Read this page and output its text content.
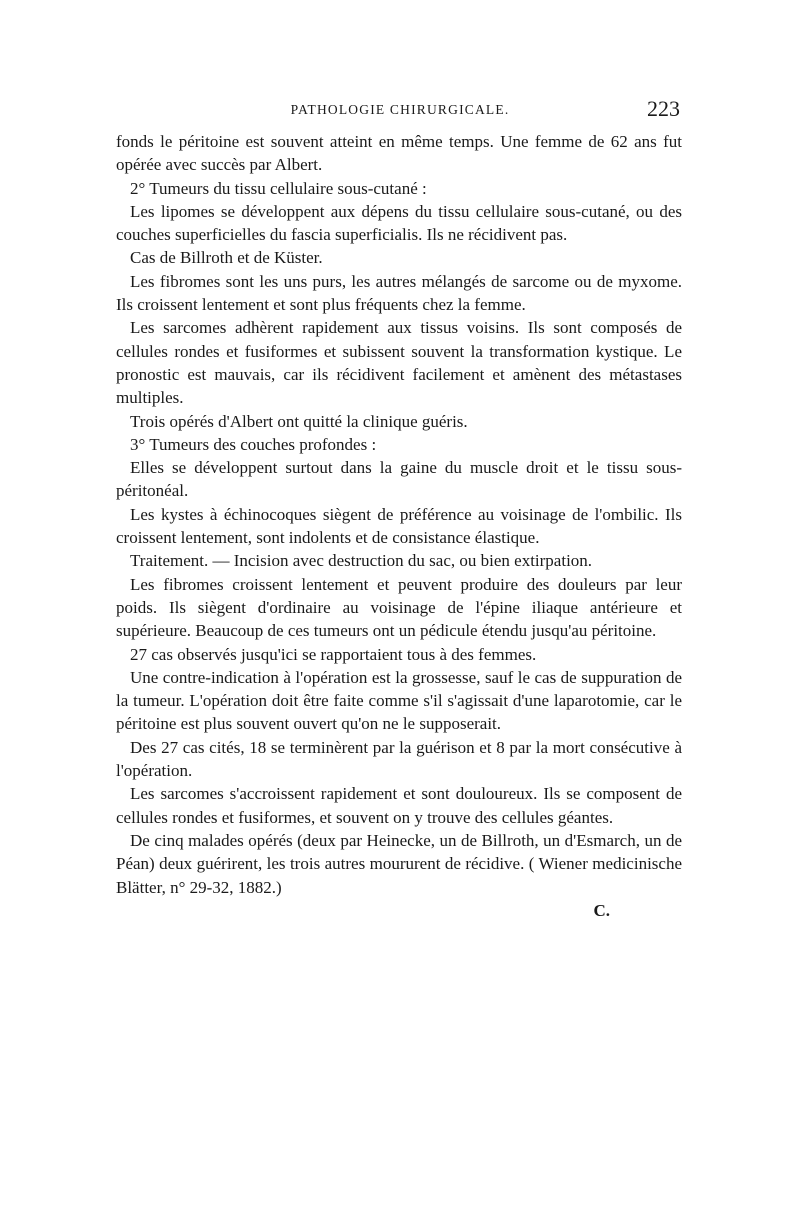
PATHOLOGIE CHIRURGICALE.	223

fonds le péritoine est souvent atteint en même temps. Une femme de 62 ans fut opérée avec succès par Albert.

2° Tumeurs du tissu cellulaire sous-cutané :

Les lipomes se développent aux dépens du tissu cellulaire sous-cutané, ou des couches superficielles du fascia superficialis. Ils ne récidivent pas.

Cas de Billroth et de Küster.

Les fibromes sont les uns purs, les autres mélangés de sarcome ou de myxome. Ils croissent lentement et sont plus fréquents chez la femme.

Les sarcomes adhèrent rapidement aux tissus voisins. Ils sont composés de cellules rondes et fusiformes et subissent souvent la transformation kystique. Le pronostic est mauvais, car ils récidivent facilement et amènent des métastases multiples.

Trois opérés d'Albert ont quitté la clinique guéris.

3° Tumeurs des couches profondes :

Elles se développent surtout dans la gaine du muscle droit et le tissu sous-péritonéal.

Les kystes à échinocoques siègent de préférence au voisinage de l'ombilic. Ils croissent lentement, sont indolents et de consistance élastique.

Traitement. — Incision avec destruction du sac, ou bien extirpation.

Les fibromes croissent lentement et peuvent produire des douleurs par leur poids. Ils siègent d'ordinaire au voisinage de l'épine iliaque antérieure et supérieure. Beaucoup de ces tumeurs ont un pédicule étendu jusqu'au péritoine.

27 cas observés jusqu'ici se rapportaient tous à des femmes.

Une contre-indication à l'opération est la grossesse, sauf le cas de suppuration de la tumeur. L'opération doit être faite comme s'il s'agissait d'une laparotomie, car le péritoine est plus souvent ouvert qu'on ne le supposerait.

Des 27 cas cités, 18 se terminèrent par la guérison et 8 par la mort consécutive à l'opération.

Les sarcomes s'accroissent rapidement et sont douloureux. Ils se composent de cellules rondes et fusiformes, et souvent on y trouve des cellules géantes.

De cinq malades opérés (deux par Heinecke, un de Billroth, un d'Esmarch, un de Péan) deux guérirent, les trois autres moururent de récidive. ( Wiener medicinische Blätter, n° 29-32, 1882.)

C.
